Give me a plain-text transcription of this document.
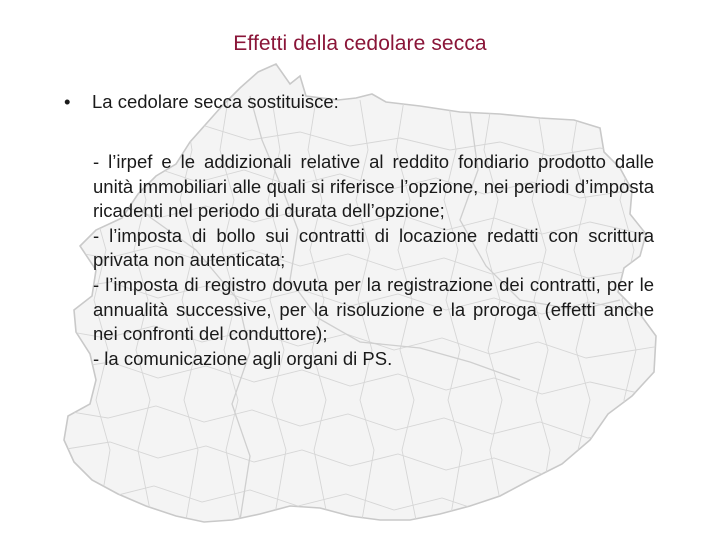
Effetti della cedolare secca
• La cedolare secca sostituisce:

- l’irpef e le addizionali relative al reddito fondiario prodotto dalle unità immobiliari alle quali si riferisce l’opzione, nei periodi d’imposta ricadenti nel periodo di durata dell’opzione;

- l’imposta di bollo sui contratti di locazione redatti con scrittura privata non autenticata;

- l’imposta di registro dovuta per la registrazione dei contratti, per le annualità successive, per la risoluzione e la proroga (effetti anche nei confronti del conduttore);

- la comunicazione agli organi di PS.
